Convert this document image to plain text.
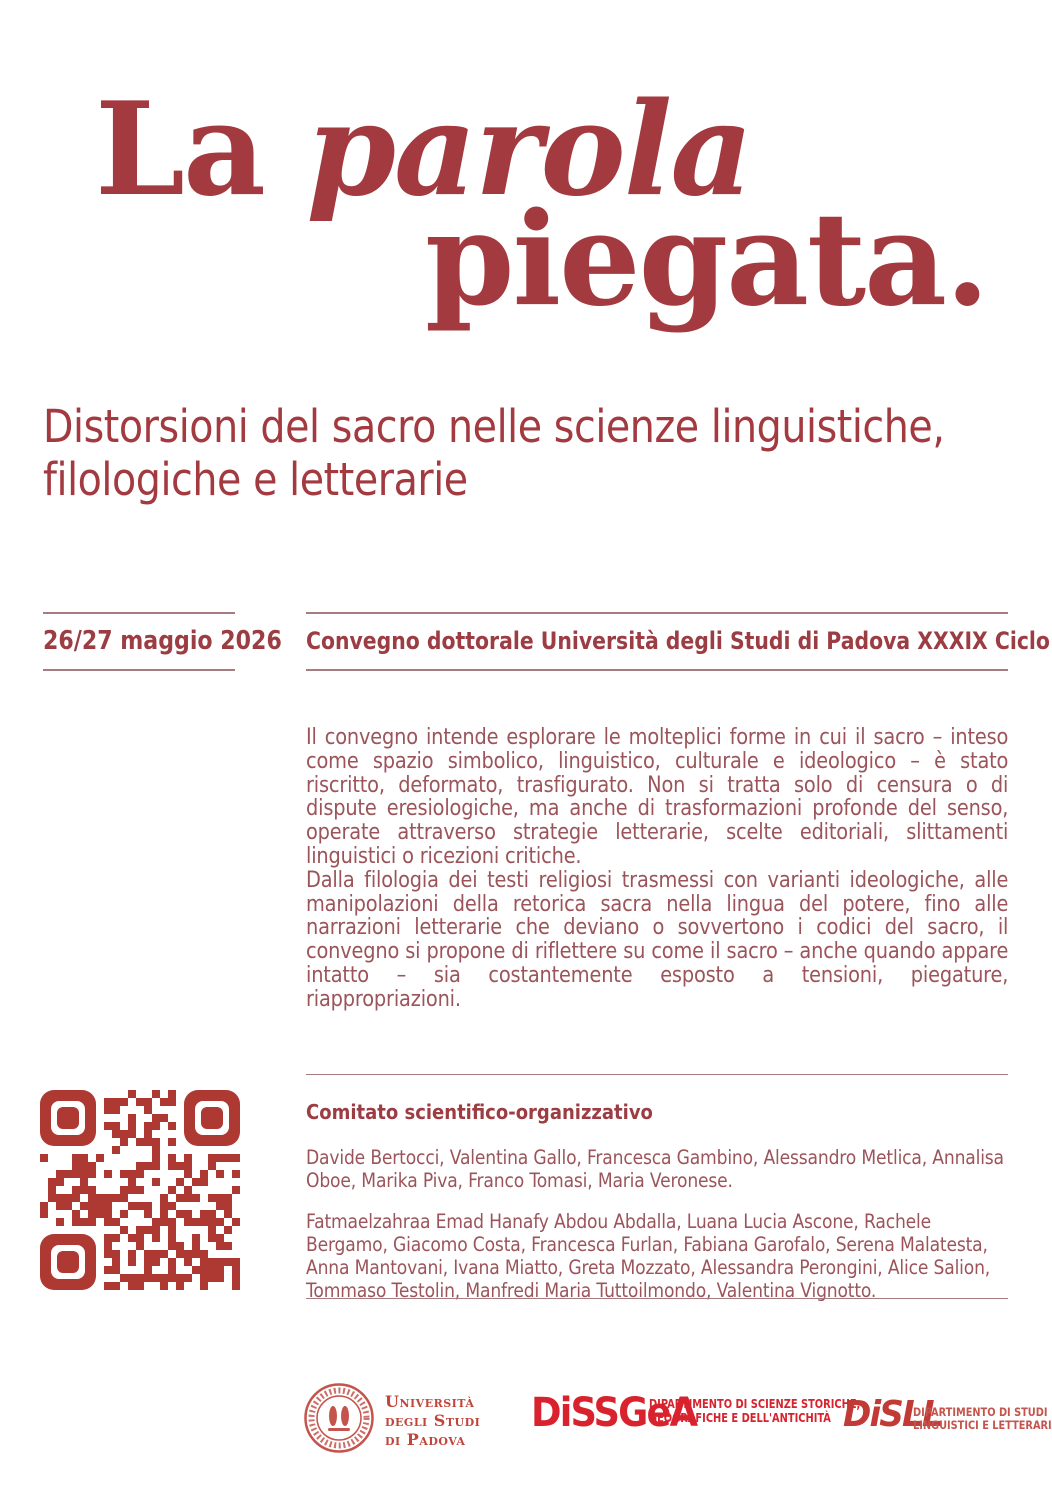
La parola
piegata.
Distorsioni del sacro nelle scienze linguistiche, filologiche e letterarie
26/27 maggio 2026 Convegno dottorale Università degli Studi di Padova XXXIX Ciclo

Il convegno intende esplorare le molteplici forme in cui il sacro – inteso come spazio simbolico, linguistico, culturale e ideologico – è stato riscritto, deformato, trasfigurato. Non si tratta solo di censura o di dispute eresiologiche, ma anche di trasformazioni profonde del senso, operate attraverso strategie letterarie, scelte editoriali, slittamenti linguistici o ricezioni critiche.

Dalla filologia dei testi religiosi trasmessi con varianti ideologiche, alle manipolazioni della retorica sacra nella lingua del potere, fino alle narrazioni letterarie che deviano o sovvertono i codici del sacro, il convegno si propone di riflettere su come il sacro – anche quando appare intatto – sia costantemente esposto a tensioni, piegature, riappropriazioni.

Comitato scientifico-organizzativo
Davide Bertocci, Valentina Gallo, Francesca Gambino, Alessandro Metlica, Annalisa Oboe, Marika Piva, Franco Tomasi, Maria Veronese.
Fatmaelzahraa Emad Hanafy Abdou Abdalla, Luana Lucia Ascone, Rachele Bergamo, Giacomo Costa, Francesca Furlan, Fabiana Garofalo, Serena Malatesta, Anna Mantovani, Ivana Miatto, Greta Mozzato, Alessandra Perongini, Alice Salion, Tommaso Testolin, Manfredi Maria Tuttoilmondo, Valentina Vignotto.
Università
degli Studi
di Padova
DiSSGeA
DIPARTIMENTO DI SCIENZE STORICHE,
GEOGRAFICHE E DELL'ANTICHITÀ DiSLL
DIPARTIMENTO DI STUDI
LINGUISTICI E LETTERARI
